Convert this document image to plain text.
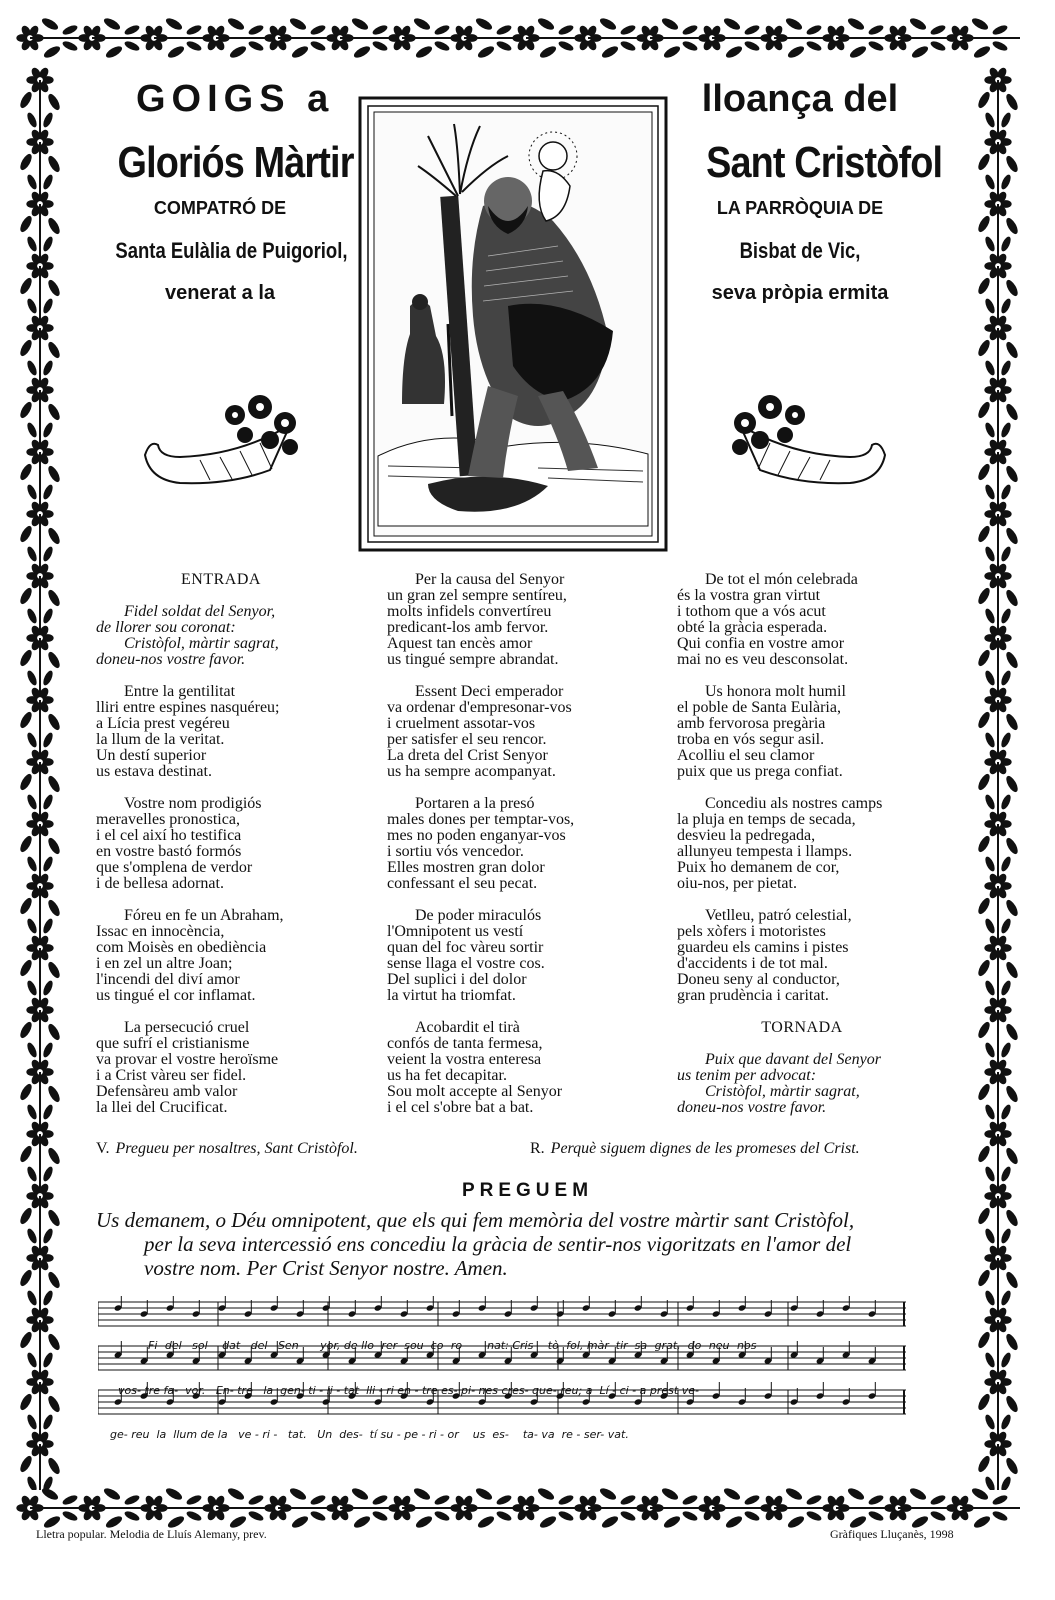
GOIGS a
Gloriós Màrtir
COMPATRÓ DE
Santa Eulàlia de Puigoriol,
venerat a la
lloança del
Sant Cristòfol
LA PARRÒQUIA DE
Bisbat de Vic,
seva pròpia ermita
ENTRADA
Fidel soldat del Senyor,
de llorer sou coronat:
Cristòfol, màrtir sagrat,
doneu-nos vostre favor.
Entre la gentilitat
lliri entre espines nasquéreu;
a Lícia prest vegéreu
la llum de la veritat.
Un destí superior
us estava destinat.
Vostre nom prodigiós
meravelles pronostica,
i el cel així ho testifica
en vostre bastó formós
que s'omplena de verdor
i de bellesa adornat.
Fóreu en fe un Abraham,
Issac en innocència,
com Moisès en obediència
i en zel un altre Joan;
l'incendi del diví amor
us tingué el cor inflamat.
La persecució cruel
que sufrí el cristianisme
va provar el vostre heroïsme
i a Crist vàreu ser fidel.
Defensàreu amb valor
la llei del Crucificat.
Per la causa del Senyor
un gran zel sempre sentíreu,
molts infidels convertíreu
predicant-los amb fervor.
Aquest tan encès amor
us tingué sempre abrandat.
Essent Deci emperador
va ordenar d'empresonar-vos
i cruelment assotar-vos
per satisfer el seu rencor.
La dreta del Crist Senyor
us ha sempre acompanyat.
Portaren a la presó
males dones per temptar-vos,
mes no poden enganyar-vos
i sortiu vós vencedor.
Elles mostren gran dolor
confessant el seu pecat.
De poder miraculós
l'Omnipotent us vestí
quan del foc vàreu sortir
sense llaga el vostre cos.
Del suplici i del dolor
la virtut ha triomfat.
Acobardit el tirà
confós de tanta fermesa,
veient la vostra enteresa
us ha fet decapitar.
Sou molt accepte al Senyor
i el cel s'obre bat a bat.
De tot el món celebrada
és la vostra gran virtut
i tothom que a vós acut
obté la gràcia esperada.
Qui confia en vostre amor
mai no es veu desconsolat.
Us honora molt humil
el poble de Santa Eulària,
amb fervorosa pregària
troba en vós segur asil.
Acolliu el seu clamor
puix que us prega confiat.
Concediu als nostres camps
la pluja en temps de secada,
desvieu la pedregada,
allunyeu tempesta i llamps.
Puix ho demanem de cor,
oiu-nos, per pietat.
Vetlleu, patró celestial,
pels xòfers i motoristes
guardeu els camins i pistes
d'accidents i de tot mal.
Doneu seny al conductor,
gran prudència i caritat.
TORNADA
Puix que davant del Senyor
us tenim per advocat:
Cristòfol, màrtir sagrat,
doneu-nos vostre favor.
V. Pregueu per nosaltres, Sant Cristòfol.	R. Perquè siguem dignes de les promeses del Crist.
PREGUEM
Us demanem, o Déu omnipotent, que els qui fem memòria del vostre màrtir sant Cristòfol,
per la seva intercessió ens concediu la gràcia de sentir-nos vigoritzats en l'amor del
vostre nom. Per Crist Senyor nostre. Amen.
Fi- del   sol-   dat   del   Sen-     yor, de llo- rer  sou  co- ro   -   nat: Cris -  tò- fol, màr- tir  sa- grat,  do- neu- nos
vos- tre fa-  vor.   En- tre   la  gen- ti - li - tat  lli - ri en - tre es- pi- nes cres- que- reu; a  Lí - ci - a prest ve-
ge- reu  la  llum de la   ve - ri -   tat.   Un  des-  tí su - pe - ri - or    us  es-    ta- va  re - ser- vat.
Lletra popular. Melodia de Lluís Alemany, prev.	Gràfiques Lluçanès, 1998
